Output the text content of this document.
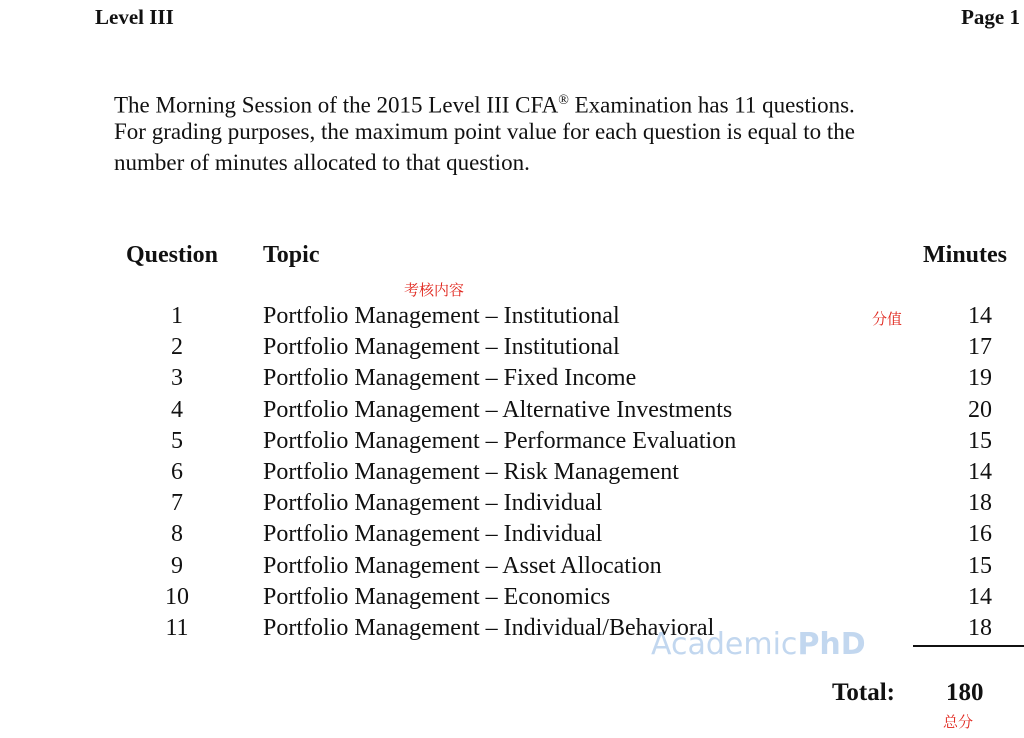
Level III	Page 1
The Morning Session of the 2015 Level III CFA® Examination has 11 questions.
For grading purposes, the maximum point value for each question is equal to the
number of minutes allocated to that question.
Question Topic	Minutes
考核内容
分值
1	Portfolio Management – Institutional	14
2	Portfolio Management – Institutional	17
3	Portfolio Management – Fixed Income	19
4	Portfolio Management – Alternative Investments	20
5	Portfolio Management – Performance Evaluation	15
6	Portfolio Management – Risk Management	14
7	Portfolio Management – Individual	18
8	Portfolio Management – Individual	16
9	Portfolio Management – Asset Allocation	15
10	Portfolio Management – Economics	14
11	Portfolio Management – Individual/Behavioral	18
AcademicPhD
Total: 180
总分
